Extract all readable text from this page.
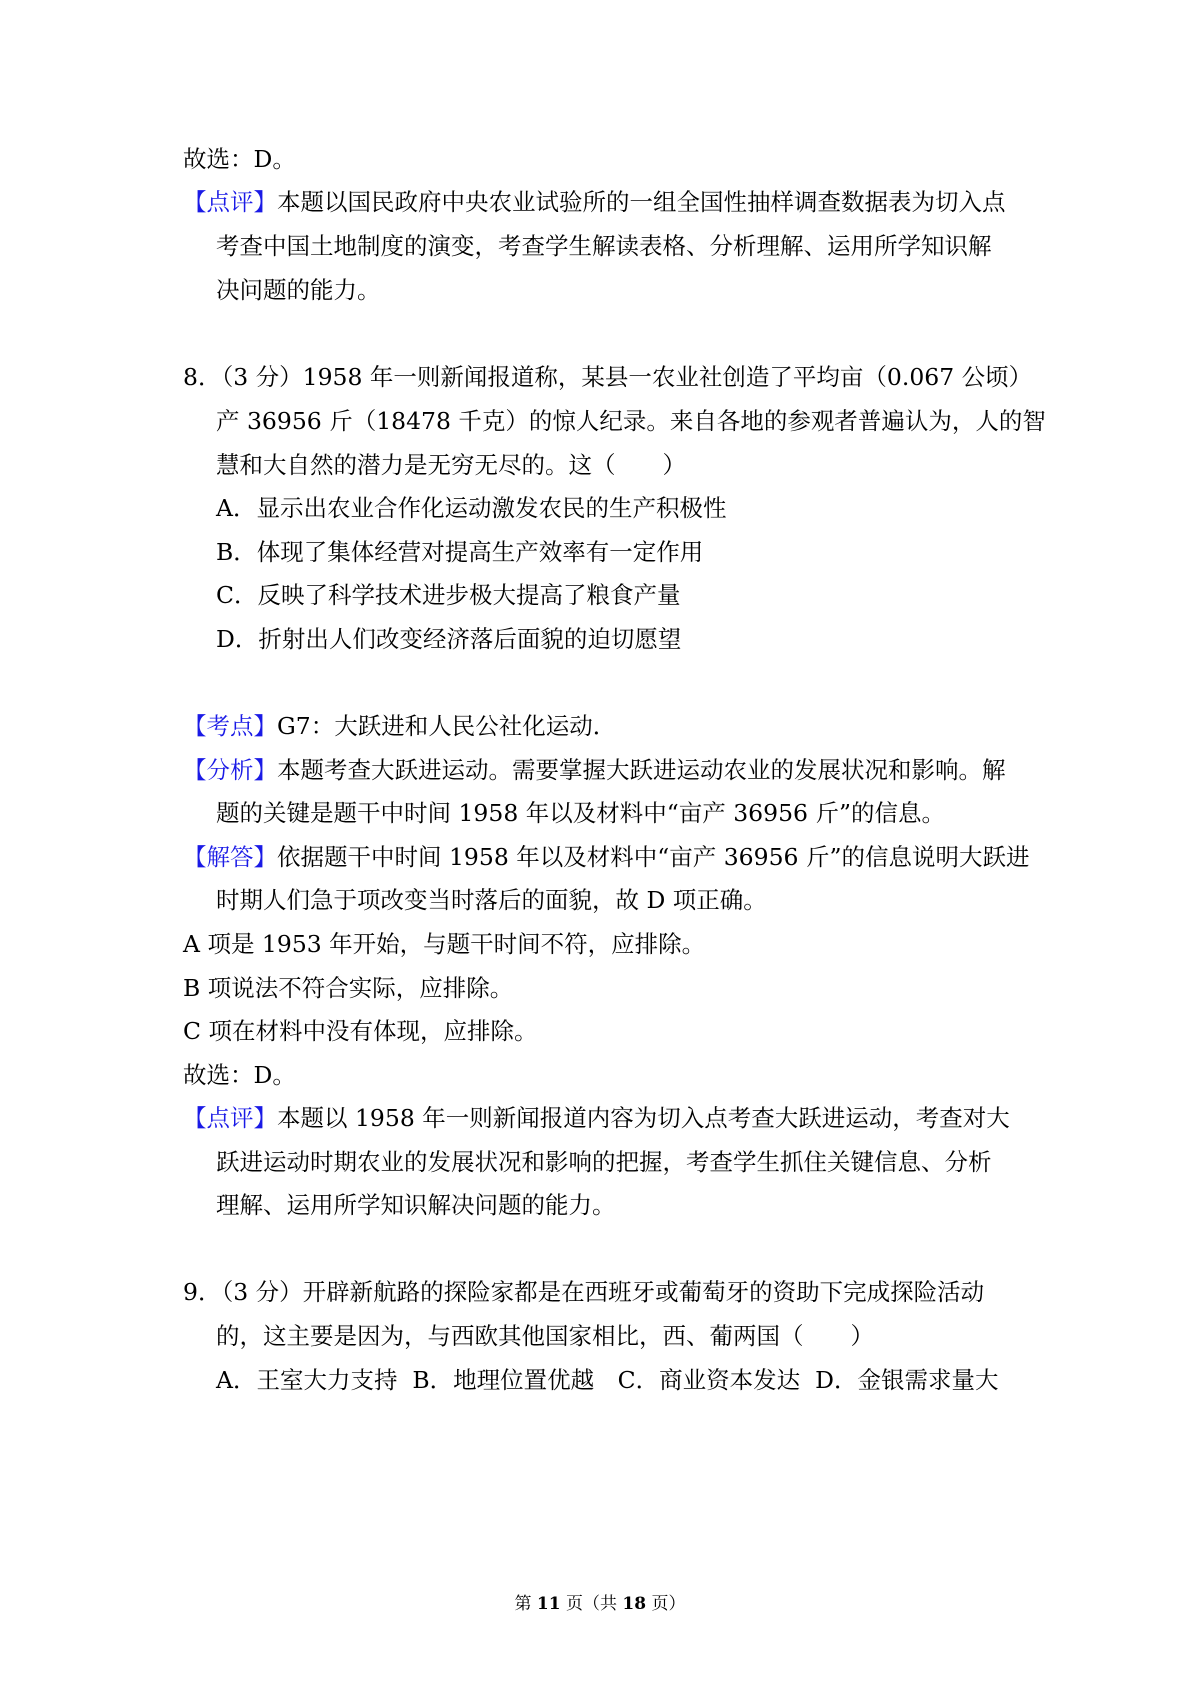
故选：D。
【点评】本题以国民政府中央农业试验所的一组全国性抽样调查数据表为切入点
考查中国土地制度的演变，考查学生解读表格、分析理解、运用所学知识解
决问题的能力。
8．（3 分）1958 年一则新闻报道称，某县一农业社创造了平均亩（0.067 公顷）
产 36956 斤（18478 千克）的惊人纪录。来自各地的参观者普遍认为，人的智
慧和大自然的潜力是无穷无尽的。这（　　）
A．显示出农业合作化运动激发农民的生产积极性
B．体现了集体经营对提高生产效率有一定作用
C．反映了科学技术进步极大提高了粮食产量
D．折射出人们改变经济落后面貌的迫切愿望
【考点】G7：大跃进和人民公社化运动．
【分析】本题考查大跃进运动。需要掌握大跃进运动农业的发展状况和影响。解
题的关键是题干中时间 1958 年以及材料中“亩产 36956 斤”的信息。
【解答】依据题干中时间 1958 年以及材料中“亩产 36956 斤”的信息说明大跃进
时期人们急于项改变当时落后的面貌，故 D 项正确。
A 项是 1953 年开始，与题干时间不符，应排除。
B 项说法不符合实际，应排除。
C 项在材料中没有体现，应排除。
故选：D。
【点评】本题以 1958 年一则新闻报道内容为切入点考查大跃进运动，考查对大
跃进运动时期农业的发展状况和影响的把握，考查学生抓住关键信息、分析
理解、运用所学知识解决问题的能力。
9．（3 分）开辟新航路的探险家都是在西班牙或葡萄牙的资助下完成探险活动
的，这主要是因为，与西欧其他国家相比，西、葡两国（　　）
A．王室大力支持  B．地理位置优越　C．商业资本发达  D．金银需求量大
第 11 页（共 18 页）
